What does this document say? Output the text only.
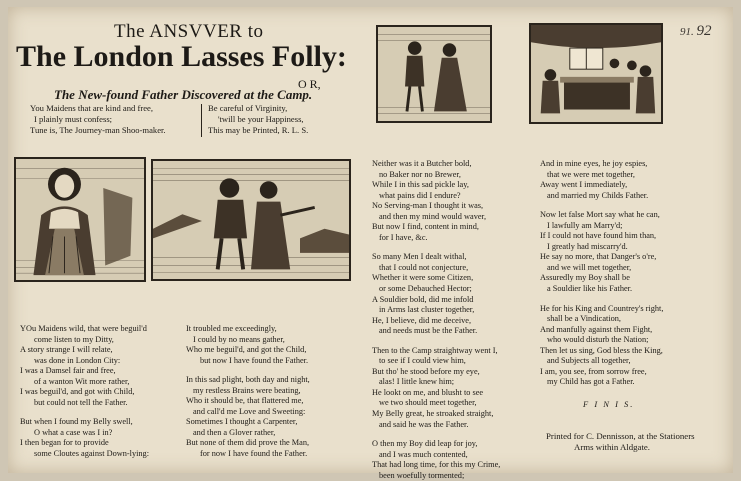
The ANSVVER to
The London Lasses Folly:
O R,
The New-found Father Discovered at the Camp.
You Maidens that are kind and free,
I plainly must confess;
Tune is, The Journey-man Shoo-maker.
Be careful of Virginity,
'twill be your Happiness,
This may be Printed, R. L. S.
91. 92
YOu Maidens wild, that were beguil'd
come listen to my Ditty,
A story strange I will relate,
was done in London City:
I was a Damsel fair and free,
of a wanton Wit more rather,
I was beguil'd, and got with Child,
but could not tell the Father.
But when I found my Belly swell,
O what a case was I in?
I then began for to provide
some Cloutes against Down-lying:
It troubled me exceedingly,
I could by no means gather,
Who me beguil'd, and got the Child,
but now I have found the Father.
In this sad plight, both day and night,
my restless Brains were beating,
Who it should be, that flattered me,
and call'd me Love and Sweeting:
Sometimes I thought a Carpenter,
and then a Glover rather,
But none of them did prove the Man,
for now I have found the Father.
Neither was it a Butcher bold,
no Baker nor no Brewer,
While I in this sad pickle lay,
what pains did I endure?
No Serving-man I thought it was,
and then my mind would waver,
But now I find, content in mind,
for I have, &c.
So many Men I dealt withal,
that I could not conjecture,
Whether it were some Citizen,
or some Debauched Hector;
A Souldier bold, did me infold
in Arms last cluster together,
He, I believe, did me deceive,
and needs must be the Father.
Then to the Camp straightway went I,
to see if I could view him,
But tho' he stood before my eye,
alas! I little knew him;
He lookt on me, and blusht to see
we two should meet together,
My Belly great, he stroaked straight,
and said he was the Father.
O then my Boy did leap for joy,
and I was much contented,
That had long time, for this my Crime,
been woefully tormented;
And in mine eyes, he joy espies,
that we were met together,
Away went I immediately,
and married my Childs Father.
Now let false Mort say what he can,
I lawfully am Marry'd;
If I could not have found him than,
I greatly had miscarry'd.
He say no more, that Danger's o're,
and we will met together,
Assuredly my Boy shall be
a Souldier like his Father.
He for his King and Countrey's right,
shall be a Vindication,
And manfully against them Fight,
who would disturb the Nation;
Then let us sing, God bless the King,
and Subjects all together,
I am, you see, from sorrow free,
my Child has got a Father.
F I N I S.
Printed for C. Dennisson, at the Stationers
Arms within Aldgate.
